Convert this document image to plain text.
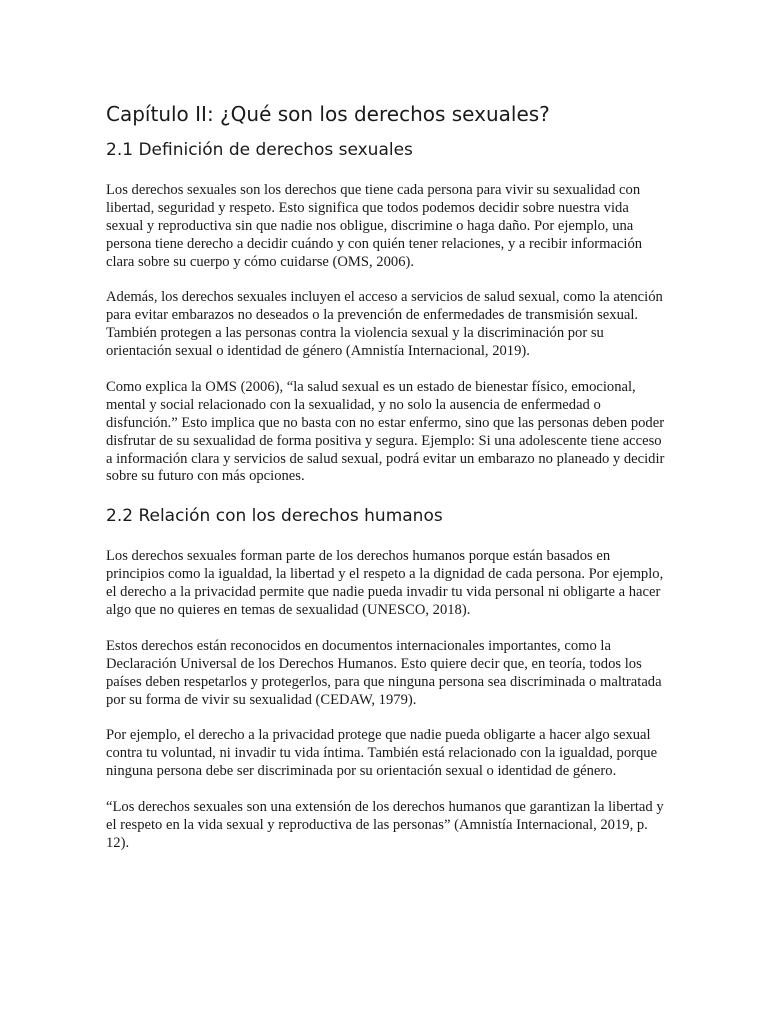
Capítulo II: ¿Qué son los derechos sexuales?
2.1 Definición de derechos sexuales

Los derechos sexuales son los derechos que tiene cada persona para vivir su sexualidad con libertad, seguridad y respeto. Esto significa que todos podemos decidir sobre nuestra vida sexual y reproductiva sin que nadie nos obligue, discrimine o haga daño. Por ejemplo, una persona tiene derecho a decidir cuándo y con quién tener relaciones, y a recibir información clara sobre su cuerpo y cómo cuidarse (OMS, 2006).

Además, los derechos sexuales incluyen el acceso a servicios de salud sexual, como la atención para evitar embarazos no deseados o la prevención de enfermedades de transmisión sexual. También protegen a las personas contra la violencia sexual y la discriminación por su orientación sexual o identidad de género (Amnistía Internacional, 2019).

Como explica la OMS (2006), “la salud sexual es un estado de bienestar físico, emocional, mental y social relacionado con la sexualidad, y no solo la ausencia de enfermedad o disfunción.” Esto implica que no basta con no estar enfermo, sino que las personas deben poder disfrutar de su sexualidad de forma positiva y segura. Ejemplo: Si una adolescente tiene acceso a información clara y servicios de salud sexual, podrá evitar un embarazo no planeado y decidir sobre su futuro con más opciones.

2.2 Relación con los derechos humanos

Los derechos sexuales forman parte de los derechos humanos porque están basados en principios como la igualdad, la libertad y el respeto a la dignidad de cada persona. Por ejemplo, el derecho a la privacidad permite que nadie pueda invadir tu vida personal ni obligarte a hacer algo que no quieres en temas de sexualidad (UNESCO, 2018).

Estos derechos están reconocidos en documentos internacionales importantes, como la Declaración Universal de los Derechos Humanos. Esto quiere decir que, en teoría, todos los países deben respetarlos y protegerlos, para que ninguna persona sea discriminada o maltratada por su forma de vivir su sexualidad (CEDAW, 1979).

Por ejemplo, el derecho a la privacidad protege que nadie pueda obligarte a hacer algo sexual contra tu voluntad, ni invadir tu vida íntima. También está relacionado con la igualdad, porque ninguna persona debe ser discriminada por su orientación sexual o identidad de género.

“Los derechos sexuales son una extensión de los derechos humanos que garantizan la libertad y el respeto en la vida sexual y reproductiva de las personas” (Amnistía Internacional, 2019, p. 12).
